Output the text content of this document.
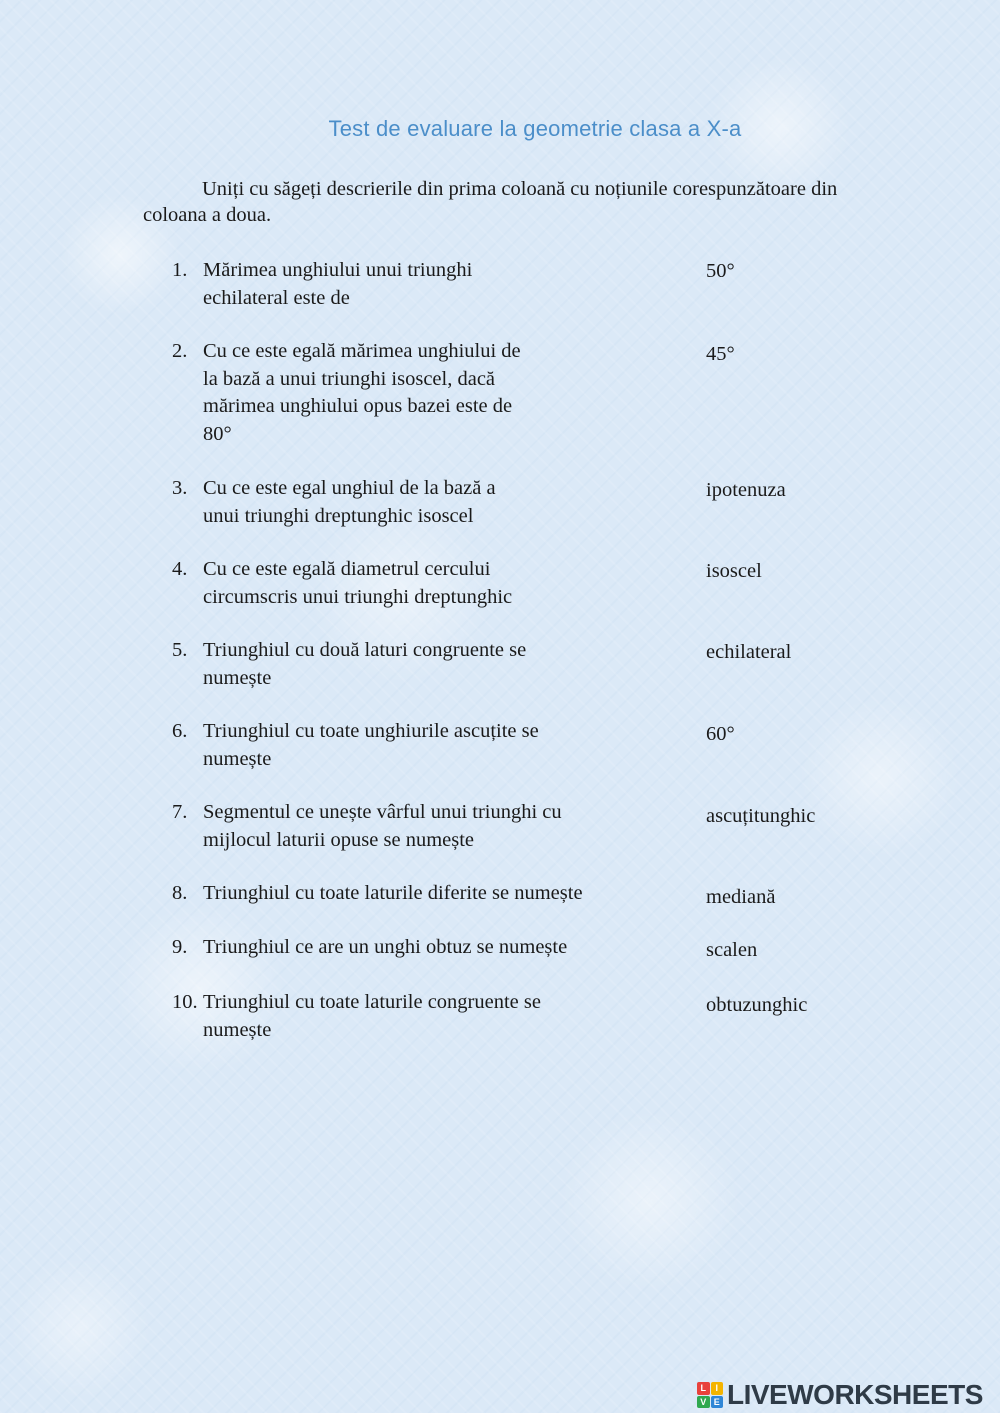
Test de evaluare la geometrie clasa a X-a
Uniți cu săgeți descrierile din prima coloană cu noțiunile corespunzătoare din coloana a doua.
1. Mărimea unghiului unui triunghi
echilateral este de
2. Cu ce este egală mărimea unghiului de
la bază a unui triunghi isoscel, dacă
mărimea unghiului opus bazei este de
80°
3. Cu ce este egal unghiul de la bază a
unui triunghi dreptunghic isoscel
4. Cu ce este egală diametrul cercului
circumscris unui triunghi dreptunghic
5. Triunghiul cu două laturi congruente se
numește
6. Triunghiul cu toate unghiurile ascuțite se
numește
7. Segmentul ce unește vârful unui triunghi cu
mijlocul laturii opuse se numește
8. Triunghiul cu toate laturile diferite se numește
9. Triunghiul ce are un unghi obtuz se numește
10. Triunghiul cu toate laturile congruente se
numește
50°
45°
ipotenuza
isoscel
echilateral
60°
ascuțitunghic
mediană
scalen
obtuzunghic
L	I
V E LIVEWORKSHEETS
